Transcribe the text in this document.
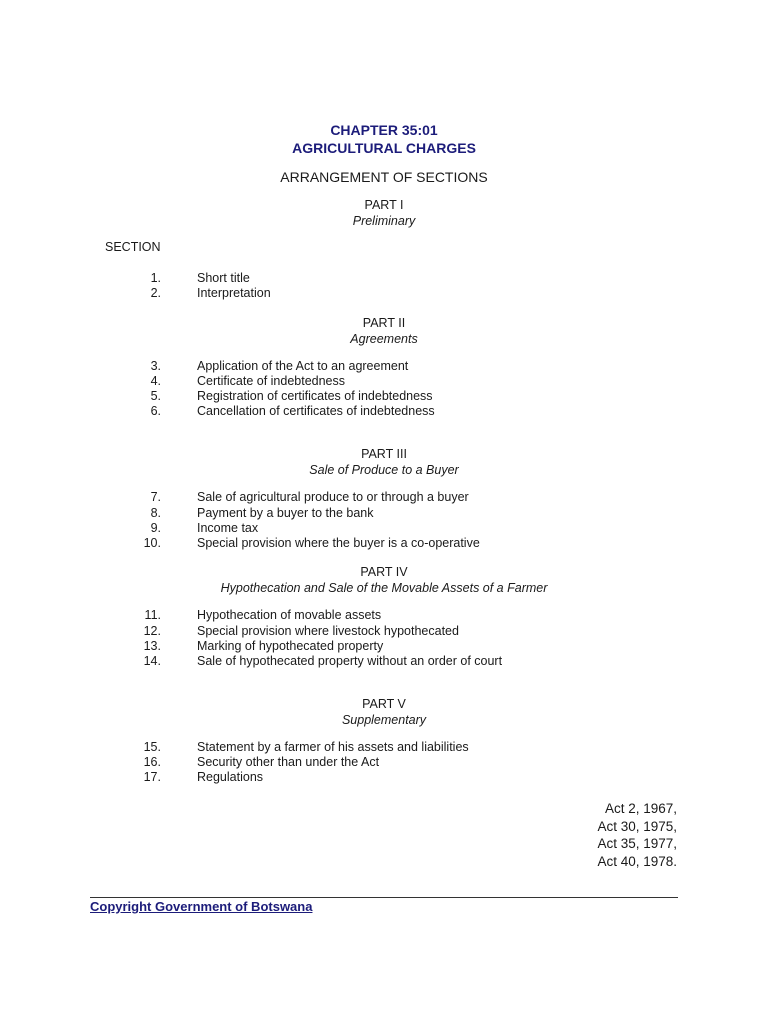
CHAPTER 35:01
AGRICULTURAL CHARGES
ARRANGEMENT OF SECTIONS
PART I
Preliminary
SECTION
1.	Short title
2.	Interpretation
PART II
Agreements
3.	Application of the Act to an agreement
4.	Certificate of indebtedness
5.	Registration of certificates of indebtedness
6.	Cancellation of certificates of indebtedness
PART III
Sale of Produce to a Buyer
7.	Sale of agricultural produce to or through a buyer
8.	Payment by a buyer to the bank
9.	Income tax
10.	Special provision where the buyer is a co-operative
PART IV
Hypothecation and Sale of the Movable Assets of a Farmer
11.	Hypothecation of movable assets
12.	Special provision where livestock hypothecated
13.	Marking of hypothecated property
14.	Sale of hypothecated property without an order of court
PART V
Supplementary
15.	Statement by a farmer of his assets and liabilities
16.	Security other than under the Act
17.	Regulations
Act 2, 1967,
Act 30, 1975,
Act 35, 1977,
Act 40, 1978.
Copyright Government of Botswana
